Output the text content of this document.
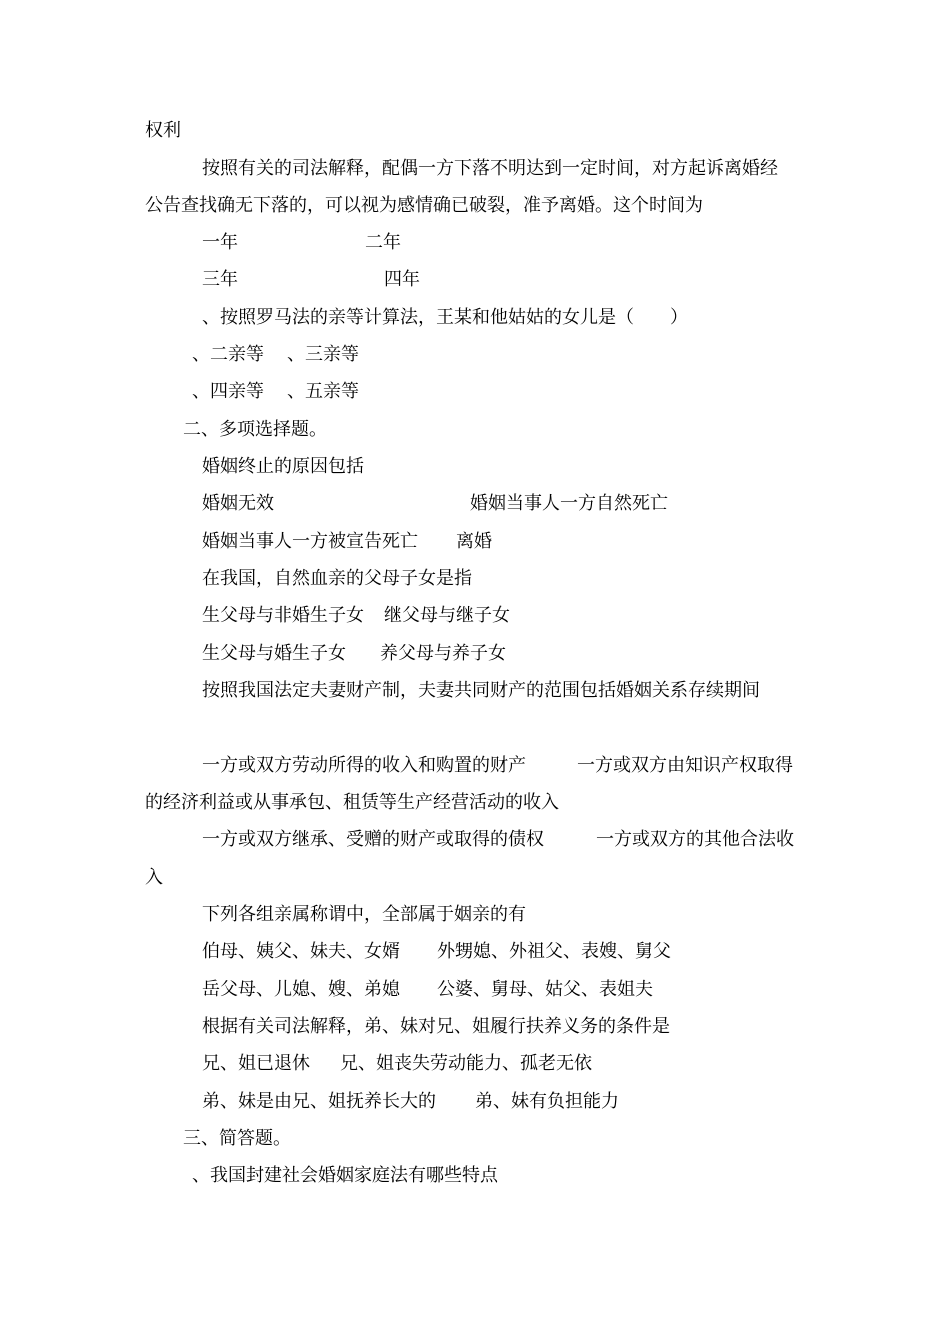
权利
按照有关的司法解释，配偶一方下落不明达到一定时间，对方起诉离婚经
公告查找确无下落的，可以视为感情确已破裂，准予离婚。这个时间为
一年	二年
三年	四年
、按照罗马法的亲等计算法，王某和他姑姑的女儿是（　　）
、二亲等 、三亲等
、四亲等 、五亲等
二、多项选择题。
婚姻终止的原因包括
婚姻无效	婚姻当事人一方自然死亡
婚姻当事人一方被宣告死亡 离婚
在我国，自然血亲的父母子女是指
生父母与非婚生子女 继父母与继子女
生父母与婚生子女 养父母与养子女
按照我国法定夫妻财产制，夫妻共同财产的范围包括婚姻关系存续期间
一方或双方劳动所得的收入和购置的财产	一方或双方由知识产权取得
的经济利益或从事承包、租赁等生产经营活动的收入
一方或双方继承、受赠的财产或取得的债权	一方或双方的其他合法收
入
下列各组亲属称谓中，全部属于姻亲的有
伯母、姨父、妹夫、女婿 外甥媳、外祖父、表嫂、舅父
岳父母、儿媳、嫂、弟媳 公婆、舅母、姑父、表姐夫
根据有关司法解释，弟、妹对兄、姐履行扶养义务的条件是
兄、姐已退休 兄、姐丧失劳动能力、孤老无依
弟、妹是由兄、姐抚养长大的 弟、妹有负担能力
三、简答题。
、我国封建社会婚姻家庭法有哪些特点
